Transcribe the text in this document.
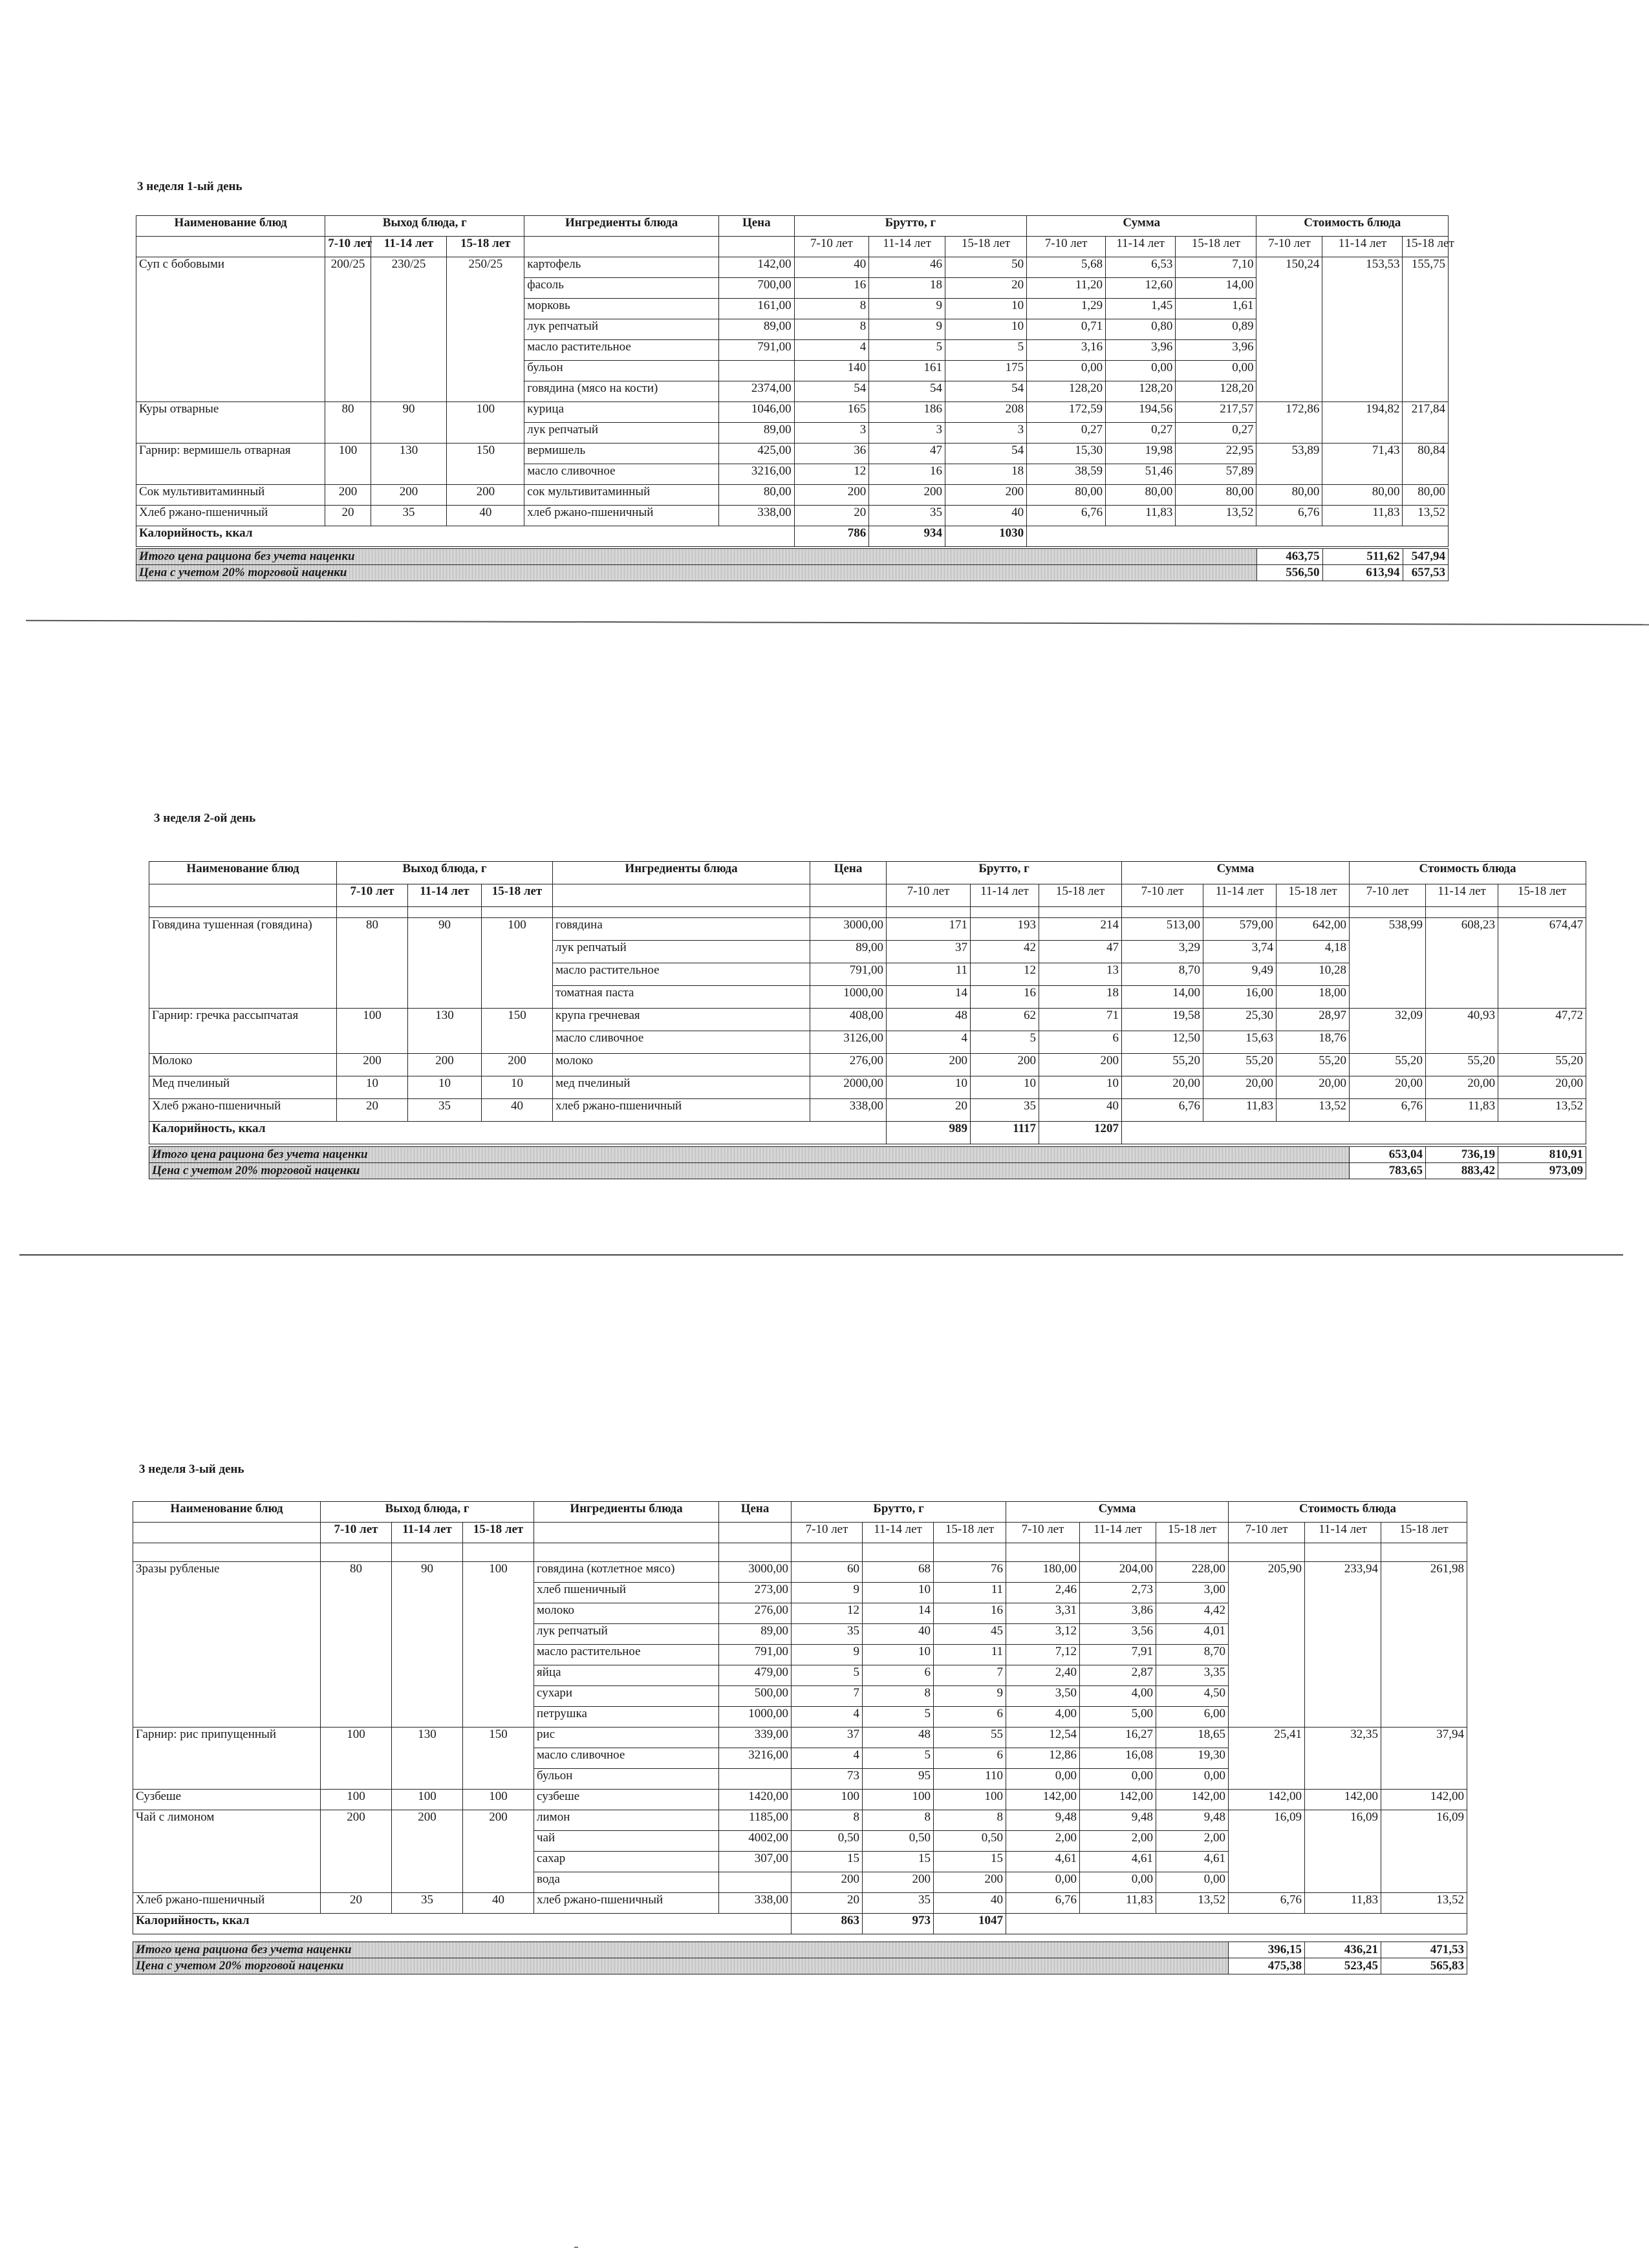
3 неделя 1-ый день
Наименование блюд	Выход блюда, г			Ингредиенты блюда	Цена	Брутто, г			Сумма			Стоимость блюда		
	7-10 лет	11-14 лет	15-18 лет			7-10 лет	11-14 лет	15-18 лет	7-10 лет	11-14 лет	15-18 лет	7-10 лет	11-14 лет	15-18 лет
Суп с бобовыми	200/25	230/25	250/25	картофель	142,00	40	46	50	5,68	6,53	7,10	150,24	153,53	155,75
				фасоль	700,00	16	18	20	11,20	12,60	14,00			
				морковь	161,00	8	9	10	1,29	1,45	1,61			
				лук репчатый	89,00	8	9	10	0,71	0,80	0,89			
				масло растительное	791,00	4	5	5	3,16	3,96	3,96			
				бульон		140	161	175	0,00	0,00	0,00			
				говядина (мясо на кости)	2374,00	54	54	54	128,20	128,20	128,20			
Куры отварные	80	90	100	курица	1046,00	165	186	208	172,59	194,56	217,57	172,86	194,82	217,84
				лук репчатый	89,00	3	3	3	0,27	0,27	0,27			
Гарнир: вермишель отварная	100	130	150	вермишель	425,00	36	47	54	15,30	19,98	22,95	53,89	71,43	80,84
				масло сливочное	3216,00	12	16	18	38,59	51,46	57,89			
Сок мультивитаминный	200	200	200	сок мультивитаминный	80,00	200	200	200	80,00	80,00	80,00	80,00	80,00	80,00
Хлеб ржано-пшеничный	20	35	40	хлеб ржано-пшеничный	338,00	20	35	40	6,76	11,83	13,52	6,76	11,83	13,52
Калорийность, ккал						786	934	1030						
Итого цена рациона без учета наценки	463,75	511,62	547,94
Цена с учетом 20% торговой наценки	556,50	613,94	657,53
3 неделя 2-ой день
Наименование блюд	Выход блюда, г			Ингредиенты блюда	Цена	Брутто, г			Сумма			Стоимость блюда		
	7-10 лет	11-14 лет	15-18 лет			7-10 лет	11-14 лет	15-18 лет	7-10 лет	11-14 лет	15-18 лет	7-10 лет	11-14 лет	15-18 лет

Говядина тушенная (говядина)	80	90	100	говядина	3000,00	171	193	214	513,00	579,00	642,00	538,99	608,23	674,47
				лук репчатый	89,00	37	42	47	3,29	3,74	4,18			
				масло растительное	791,00	11	12	13	8,70	9,49	10,28			
				томатная паста	1000,00	14	16	18	14,00	16,00	18,00			
Гарнир: гречка рассыпчатая	100	130	150	крупа гречневая	408,00	48	62	71	19,58	25,30	28,97	32,09	40,93	47,72
				масло сливочное	3126,00	4	5	6	12,50	15,63	18,76			
Молоко	200	200	200	молоко	276,00	200	200	200	55,20	55,20	55,20	55,20	55,20	55,20
Мед пчелиный	10	10	10	мед пчелиный	2000,00	10	10	10	20,00	20,00	20,00	20,00	20,00	20,00
Хлеб ржано-пшеничный	20	35	40	хлеб ржано-пшеничный	338,00	20	35	40	6,76	11,83	13,52	6,76	11,83	13,52
Калорийность, ккал						989	1117	1207						
Итого цена рациона без учета наценки	653,04	736,19	810,91
Цена с учетом 20% торговой наценки	783,65	883,42	973,09
3 неделя 3-ый день
Наименование блюд	Выход блюда, г			Ингредиенты блюда	Цена	Брутто, г			Сумма			Стоимость блюда		
	7-10 лет	11-14 лет	15-18 лет			7-10 лет	11-14 лет	15-18 лет	7-10 лет	11-14 лет	15-18 лет	7-10 лет	11-14 лет	15-18 лет

Зразы рубленые	80	90	100	говядина (котлетное мясо)	3000,00	60	68	76	180,00	204,00	228,00	205,90	233,94	261,98
				хлеб пшеничный	273,00	9	10	11	2,46	2,73	3,00			
				молоко	276,00	12	14	16	3,31	3,86	4,42			
				лук репчатый	89,00	35	40	45	3,12	3,56	4,01			
				масло растительное	791,00	9	10	11	7,12	7,91	8,70			
				яйца	479,00	5	6	7	2,40	2,87	3,35			
				сухари	500,00	7	8	9	3,50	4,00	4,50			
				петрушка	1000,00	4	5	6	4,00	5,00	6,00			
Гарнир: рис припущенный	100	130	150	рис	339,00	37	48	55	12,54	16,27	18,65	25,41	32,35	37,94
				масло сливочное	3216,00	4	5	6	12,86	16,08	19,30			
				бульон		73	95	110	0,00	0,00	0,00			
Сузбеше	100	100	100	сузбеше	1420,00	100	100	100	142,00	142,00	142,00	142,00	142,00	142,00
Чай с лимоном	200	200	200	лимон	1185,00	8	8	8	9,48	9,48	9,48	16,09	16,09	16,09
				чай	4002,00	0,50	0,50	0,50	2,00	2,00	2,00			
				сахар	307,00	15	15	15	4,61	4,61	4,61			
				вода		200	200	200	0,00	0,00	0,00			
Хлеб ржано-пшеничный	20	35	40	хлеб ржано-пшеничный	338,00	20	35	40	6,76	11,83	13,52	6,76	11,83	13,52
Калорийность, ккал						863	973	1047						
Итого цена рациона без учета наценки	396,15	436,21	471,53
Цена с учетом 20% торговой наценки	475,38	523,45	565,83
